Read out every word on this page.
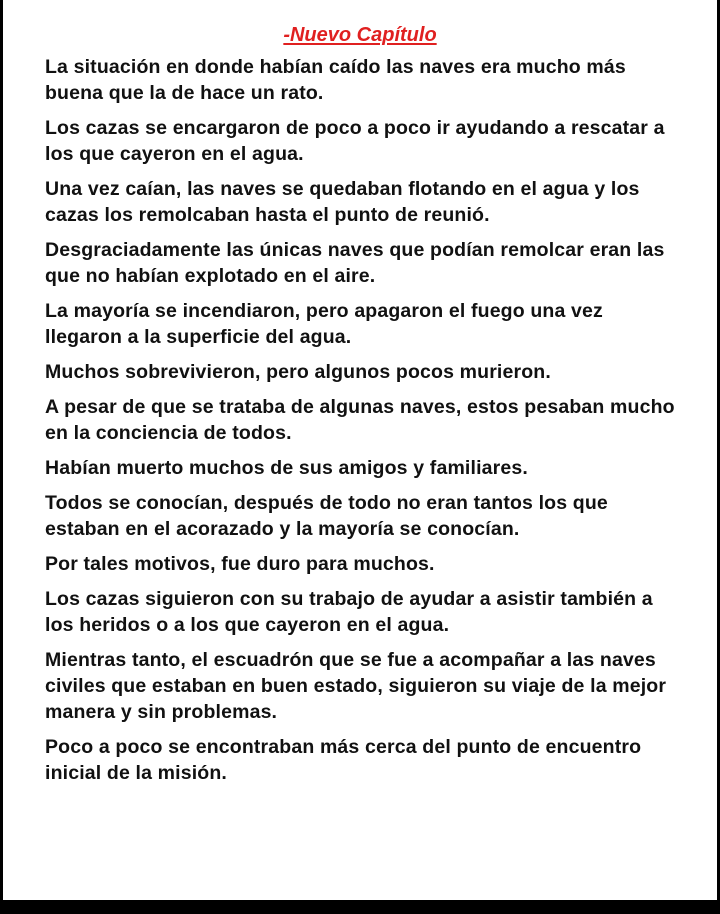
-Nuevo Capítulo

La situación en donde habían caído las naves era mucho más buena que la de hace un rato.

Los cazas se encargaron de poco a poco ir ayudando a rescatar a los que cayeron en el agua.

Una vez caían, las naves se quedaban flotando en el agua y los cazas los remolcaban hasta el punto de reunió.

Desgraciadamente las únicas naves que podían remolcar eran las que no habían explotado en el aire.

La mayoría se incendiaron, pero apagaron el fuego una vez llegaron a la superficie del agua.

Muchos sobrevivieron, pero algunos pocos murieron.

A pesar de que se trataba de algunas naves, estos pesaban mucho en la conciencia de todos.

Habían muerto muchos de sus amigos y familiares.

Todos se conocían, después de todo no eran tantos los que estaban en el acorazado y la mayoría se conocían.

Por tales motivos, fue duro para muchos.

Los cazas siguieron con su trabajo de ayudar a asistir también a los heridos o a los que cayeron en el agua.

Mientras tanto, el escuadrón que se fue a acompañar a las naves civiles que estaban en buen estado, siguieron su viaje de la mejor manera y sin problemas.

Poco a poco se encontraban más cerca del punto de encuentro inicial de la misión.
